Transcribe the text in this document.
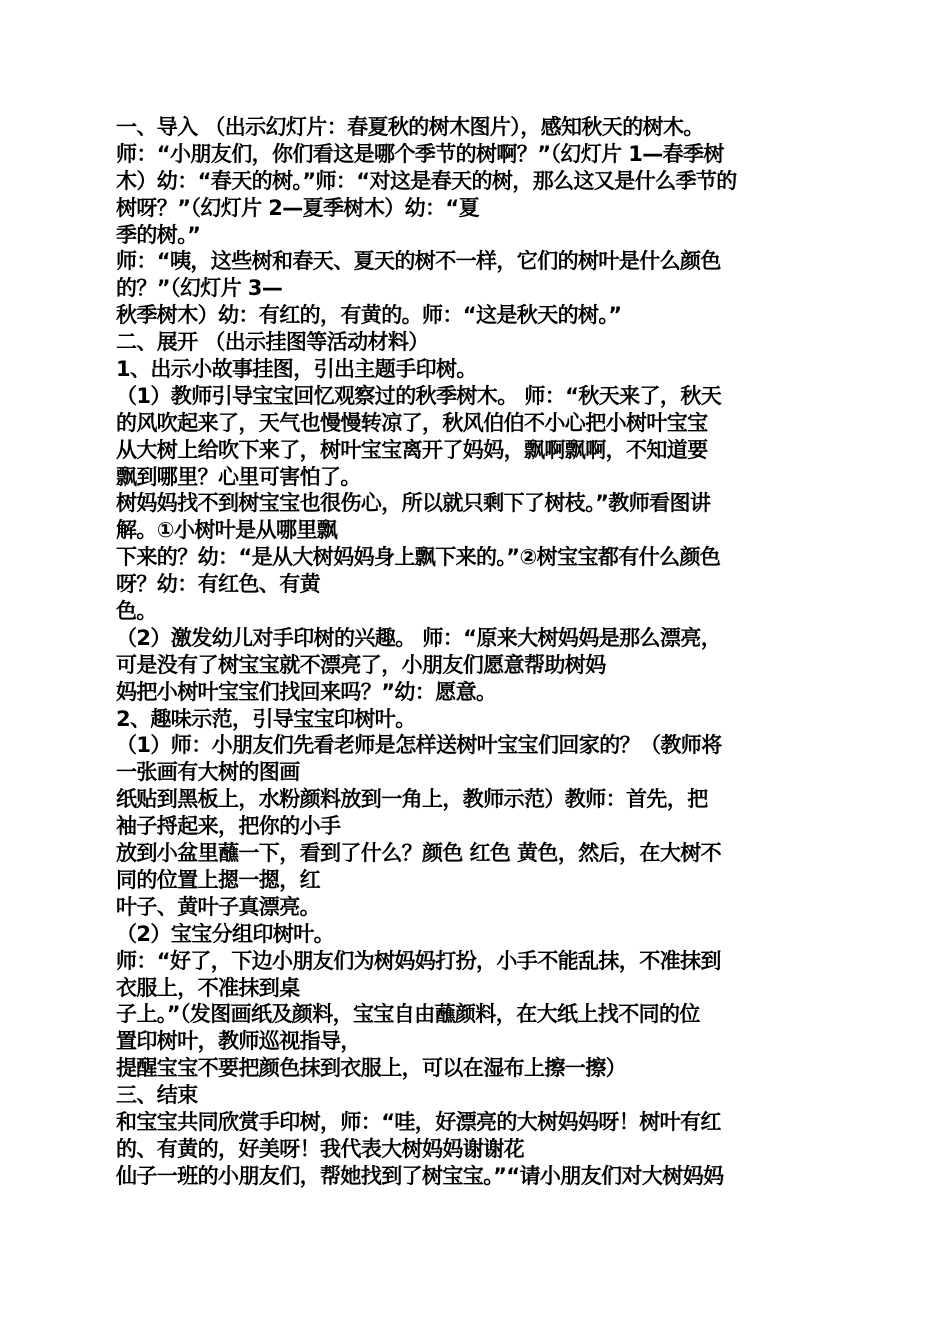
一、导入 （出示幻灯片：春夏秋的树木图片），感知秋天的树木。
师：“小朋友们，你们看这是哪个季节的树啊？”（幻灯片 1—春季树
木）幼：“春天的树。”师：“对这是春天的树，那么这又是什么季节的
树呀？”（幻灯片 2—夏季树木）幼：“夏
季的树。”
师：“咦，这些树和春天、夏天的树不一样，它们的树叶是什么颜色
的？”（幻灯片 3—
秋季树木）幼：有红的，有黄的。师：“这是秋天的树。”
二、展开 （出示挂图等活动材料）
1、出示小故事挂图，引出主题手印树。
（1）教师引导宝宝回忆观察过的秋季树木。 师：“秋天来了，秋天
的风吹起来了，天气也慢慢转凉了，秋风伯伯不小心把小树叶宝宝
从大树上给吹下来了，树叶宝宝离开了妈妈，飘啊飘啊，不知道要
飘到哪里？心里可害怕了。
树妈妈找不到树宝宝也很伤心，所以就只剩下了树枝。”教师看图讲
解。①小树叶是从哪里飘
下来的？幼：“是从大树妈妈身上飘下来的。”②树宝宝都有什么颜色
呀？幼：有红色、有黄
色。
（2）激发幼儿对手印树的兴趣。 师：“原来大树妈妈是那么漂亮，
可是没有了树宝宝就不漂亮了，小朋友们愿意帮助树妈
妈把小树叶宝宝们找回来吗？”幼：愿意。
2、趣味示范，引导宝宝印树叶。
（1）师：小朋友们先看老师是怎样送树叶宝宝们回家的？（教师将
一张画有大树的图画
纸贴到黑板上，水粉颜料放到一角上，教师示范）教师：首先，把
袖子捋起来，把你的小手
放到小盆里蘸一下，看到了什么？颜色 红色 黄色，然后，在大树不
同的位置上摁一摁，红
叶子、黄叶子真漂亮。
（2）宝宝分组印树叶。
师：“好了，下边小朋友们为树妈妈打扮，小手不能乱抹，不准抹到
衣服上，不准抹到桌
子上。”（发图画纸及颜料，宝宝自由蘸颜料，在大纸上找不同的位
置印树叶，教师巡视指导，
提醒宝宝不要把颜色抹到衣服上，可以在湿布上擦一擦）
三、结束
和宝宝共同欣赏手印树，师：“哇，好漂亮的大树妈妈呀！树叶有红
的、有黄的，好美呀！我代表大树妈妈谢谢花
仙子一班的小朋友们，帮她找到了树宝宝。”“请小朋友们对大树妈妈
